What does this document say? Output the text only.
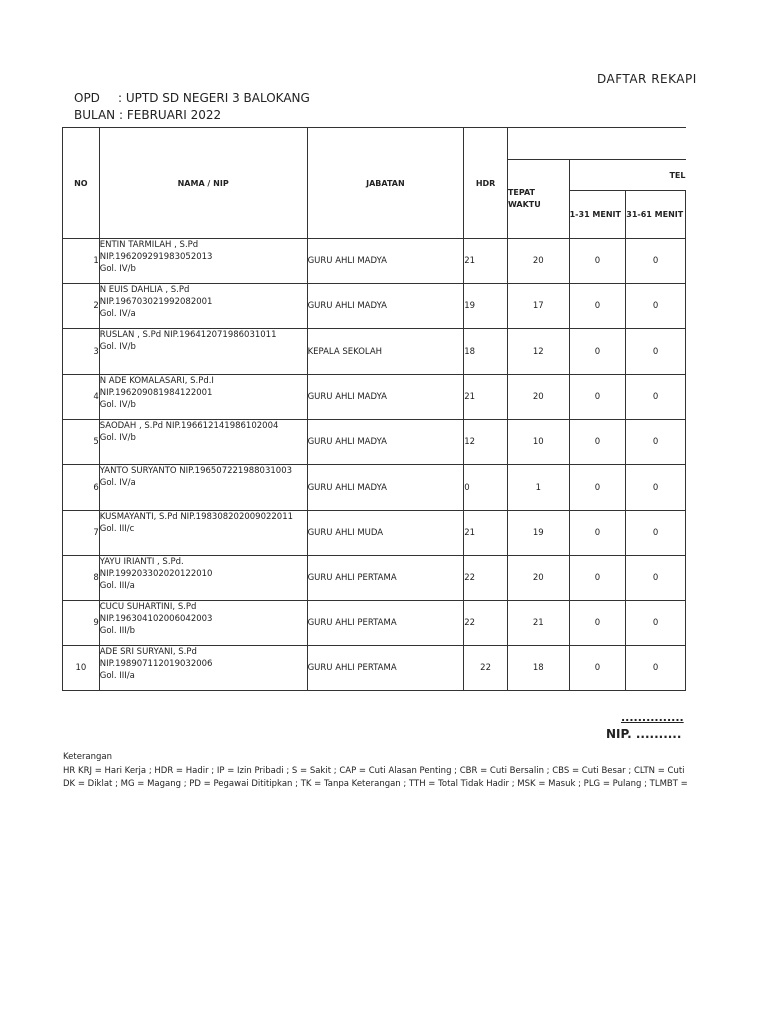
DAFTAR REKAPI
OPD : UPTD SD NEGERI 3 BALOKANG
BULAN : FEBRUARI 2022
NO	NAMA / NIP	JABATAN	HDR			
				TEPAT WAKTU	TEL	
					1-31 MENIT	31-61 MENIT
1	ENTIN TARMILAH , S.Pd
NIP.196209291983052013
Gol. IV/b	GURU AHLI MADYA	21	20	0	0
2	N EUIS DAHLIA , S.Pd
NIP.196703021992082001
Gol. IV/a	GURU AHLI MADYA	19	17	0	0
3	RUSLAN , S.Pd NIP.196412071986031011
Gol. IV/b	KEPALA SEKOLAH	18	12	0	0
4	N ADE KOMALASARI, S.Pd.I
NIP.196209081984122001
Gol. IV/b	GURU AHLI MADYA	21	20	0	0
5	SAODAH , S.Pd NIP.196612141986102004
Gol. IV/b	GURU AHLI MADYA	12	10	0	0
6	YANTO SURYANTO NIP.196507221988031003
Gol. IV/a	GURU AHLI MADYA	0	1	0	0
7	KUSMAYANTI, S.Pd NIP.198308202009022011
Gol. III/c	GURU AHLI MUDA	21	19	0	0
8	YAYU IRIANTI , S.Pd.
NIP.199203302020122010
Gol. III/a	GURU AHLI PERTAMA	22	20	0	0
9	CUCU SUHARTINI, S.Pd
NIP.196304102006042003
Gol. III/b	GURU AHLI PERTAMA	22	21	0	0
10	ADE SRI SURYANI, S.Pd
NIP.198907112019032006
Gol. III/a	GURU AHLI PERTAMA	22	18	0	0
...............
NIP. ..........
Keterangan
HR KRJ = Hari Kerja ; HDR = Hadir ; IP = Izin Pribadi ; S = Sakit ; CAP = Cuti Alasan Penting ; CBR = Cuti Bersalin ; CBS = Cuti Besar ; CLTN = Cuti
DK = Diklat ; MG = Magang ; PD = Pegawai Dititipkan ; TK = Tanpa Keterangan ; TTH = Total Tidak Hadir ; MSK = Masuk ; PLG = Pulang ; TLMBT =
